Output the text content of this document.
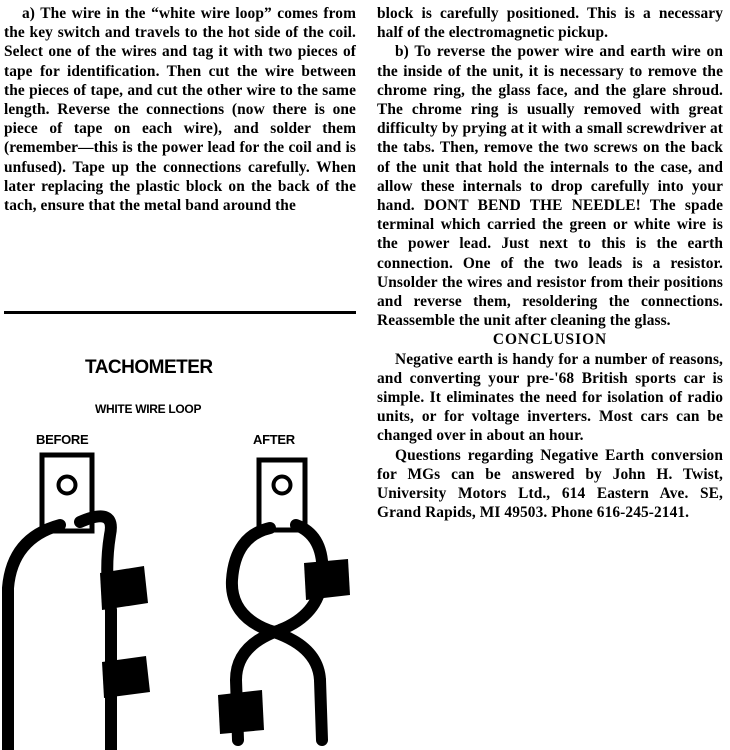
a) The wire in the “white wire loop” comes from the key switch and travels to the hot side of the coil. Select one of the wires and tag it with two pieces of tape for identification. Then cut the wire between the pieces of tape, and cut the other wire to the same length. Reverse the connections (now there is one piece of tape on each wire), and solder them (remember—this is the power lead for the coil and is unfused). Tape up the connections carefully. When later replacing the plastic block on the back of the tach, ensure that the metal band around the

TACHOMETER
WHITE WIRE LOOP
BEFORE	AFTER

block is carefully positioned. This is a necessary half of the electromagnetic pickup.

b) To reverse the power wire and earth wire on the inside of the unit, it is necessary to remove the chrome ring, the glass face, and the glare shroud. The chrome ring is usually removed with great difficulty by prying at it with a small screwdriver at the tabs. Then, remove the two screws on the back of the unit that hold the internals to the case, and allow these internals to drop carefully into your hand. DONT BEND THE NEEDLE! The spade terminal which carried the green or white wire is the power lead. Just next to this is the earth connection. One of the two leads is a resistor. Unsolder the wires and resistor from their positions and reverse them, resoldering the connections. Reassemble the unit after cleaning the glass.

CONCLUSION

Negative earth is handy for a number of reasons, and converting your pre-'68 British sports car is simple. It eliminates the need for isolation of radio units, or for voltage inverters. Most cars can be changed over in about an hour.

Questions regarding Negative Earth conversion for MGs can be answered by John H. Twist, University Motors Ltd., 614 Eastern Ave. SE, Grand Rapids, MI 49503. Phone 616-245-2141.
